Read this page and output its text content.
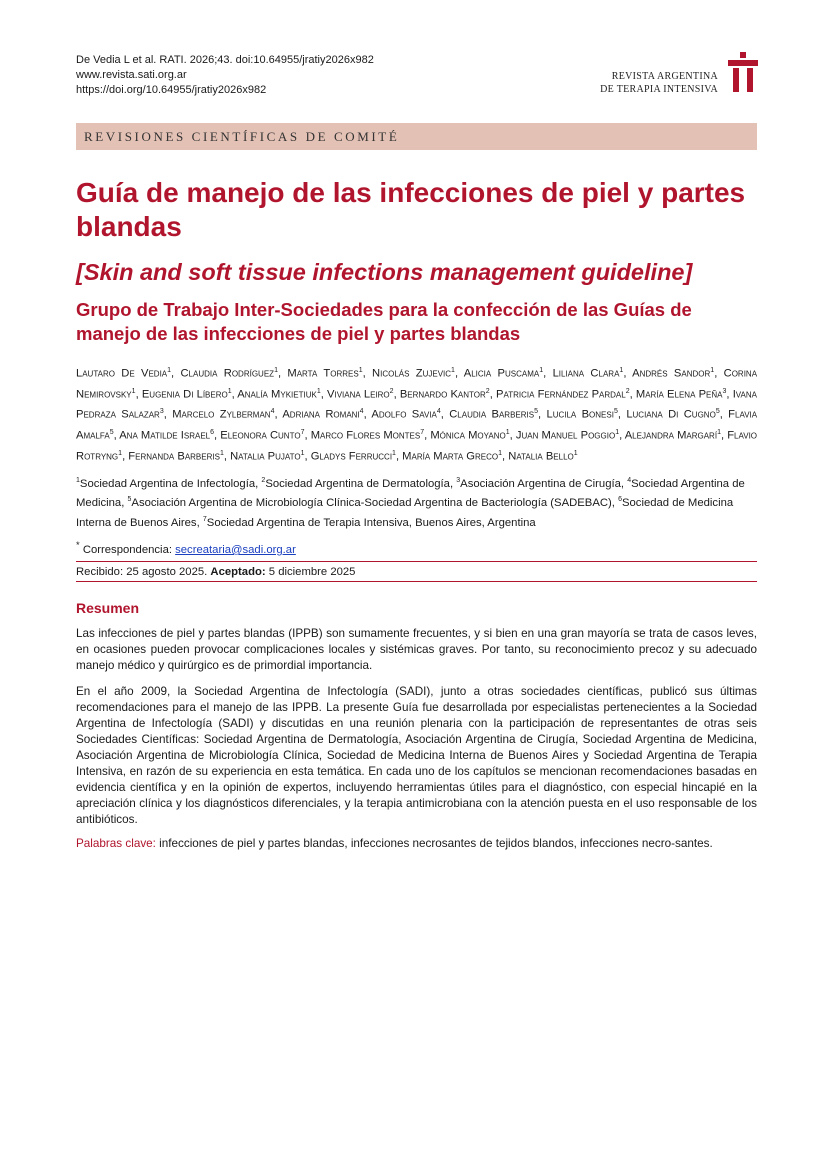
De Vedia L et al. RATI. 2026;43. doi:10.64955/jratiy2026x982
www.revista.sati.org.ar
https://doi.org/10.64955/jratiy2026x982
REVISTA ARGENTINA
DE TERAPIA INTENSIVA
REVISIONES CIENTÍFICAS DE COMITÉ
Guía de manejo de las infecciones de piel y partes blandas
[Skin and soft tissue infections management guideline]
Grupo de Trabajo Inter-Sociedades para la confección de las Guías de manejo de las infecciones de piel y partes blandas
Lautaro De Vedia$^1$, Claudia Rodríguez$^1$, Marta Torres$^1$, Nicolás Zujevic$^1$, Alicia Puscama$^1$, Liliana Clara$^1$, Andrés Sandor$^1$, Corina Nemirovsky$^1$, Eugenia Di Líbero$^1$, Analía Mykietiuk$^1$, Viviana Leiro$^2$, Bernardo Kantor$^2$, Patricia Fernández Pardal$^2$, María Elena Peña$^3$, Ivana Pedraza Salazar$^3$, Marcelo Zylberman$^4$, Adriana Romani$^4$, Adolfo Savia$^4$, Claudia Barberis$^5$, Lucila Bonesi$^5$, Luciana Di Cugno$^5$, Flavia Amalfa$^5$, Ana Matilde Israel$^6$, Eleonora Cunto$^7$, Marco Flores Montes$^7$, Mónica Moyano$^1$, Juan Manuel Poggio$^1$, Alejandra Margarí$^1$, Flavio Rotryng$^1$, Fernanda Barberis$^1$, Natalia Pujato$^1$, Gladys Ferrucci$^1$, María Marta Greco$^1$, Natalia Bello$^1$
$^1$Sociedad Argentina de Infectología, $^2$Sociedad Argentina de Dermatología, $^3$Asociación Argentina de Cirugía, $^4$Sociedad Argentina de Medicina, $^5$Asociación Argentina de Microbiología Clínica-Sociedad Argentina de Bacteriología (SADEBAC), $^6$Sociedad de Medicina Interna de Buenos Aires, $^7$Sociedad Argentina de Terapia Intensiva, Buenos Aires, Argentina
* Correspondencia: secreataria@sadi.org.ar
Recibido: 25 agosto 2025. Aceptado: 5 diciembre 2025
Resumen

Las infecciones de piel y partes blandas (IPPB) son sumamente frecuentes, y si bien en una gran mayoría se trata de casos leves, en ocasiones pueden provocar complicaciones locales y sistémicas graves. Por tanto, su reconocimiento precoz y su adecuado manejo médico y quirúrgico es de primordial importancia.

En el año 2009, la Sociedad Argentina de Infectología (SADI), junto a otras sociedades científicas, publicó sus últimas recomendaciones para el manejo de las IPPB. La presente Guía fue desarrollada por especialistas pertenecientes a la Sociedad Argentina de Infectología (SADI) y discutidas en una reunión plenaria con la participación de representantes de otras seis Sociedades Científicas: Sociedad Argentina de Dermatología, Asociación Argentina de Cirugía, Sociedad Argentina de Medicina, Asociación Argentina de Microbiología Clínica, Sociedad de Medicina Interna de Buenos Aires y Sociedad Argentina de Terapia Intensiva, en razón de su experiencia en esta temática. En cada uno de los capítulos se mencionan recomendaciones basadas en evidencia científica y en la opinión de expertos, incluyendo herramientas útiles para el diagnóstico, con especial hincapié en la apreciación clínica y los diagnósticos diferenciales, y la terapia antimicrobiana con la atención puesta en el uso responsable de los antibióticos.

Palabras clave: infecciones de piel y partes blandas, infecciones necrosantes de tejidos blandos, infecciones necro-santes.
